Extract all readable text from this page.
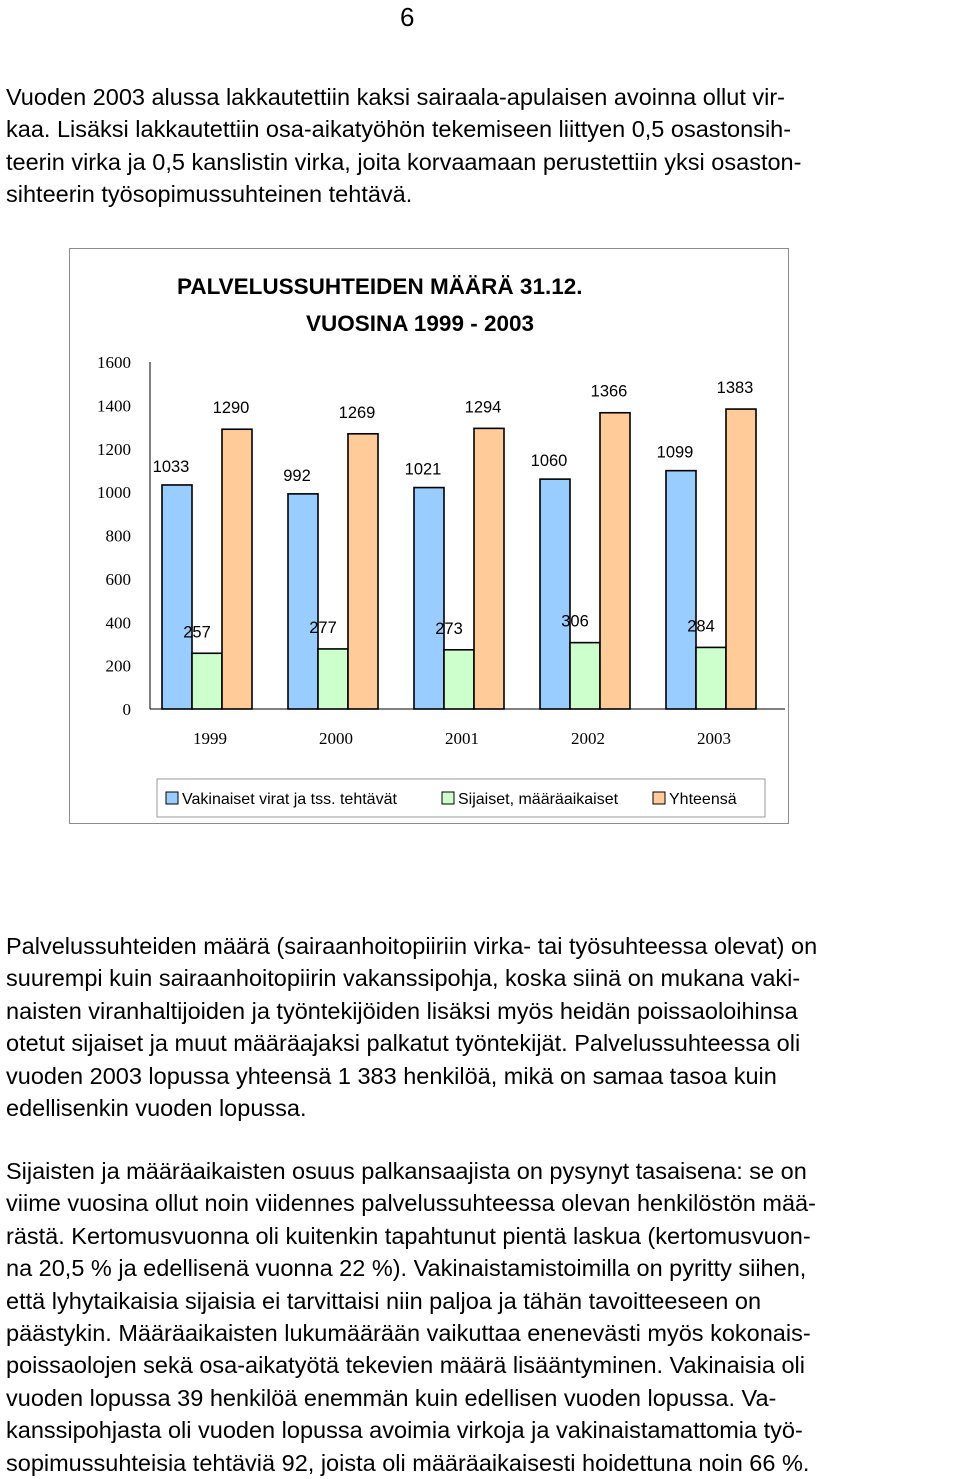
6

Vuoden 2003 alussa lakkautettiin kaksi sairaala-apulaisen avoinna ollut vir-
kaa. Lisäksi lakkautettiin osa-aikatyöhön tekemiseen liittyen 0,5 osastonsih-
teerin virka ja 0,5 kanslistin virka, joita korvaamaan perustettiin yksi osaston-
sihteerin työsopimussuhteinen tehtävä.

PALVELUSSUHTEIDEN MÄÄRÄ 31.12.
VUOSINA 1999 - 2003
0
200
400
600
800
1000
1200
1400
1600
1033
257
1290
992
277
1269
1021
273
1294
1060
306
1366
1099
284
1383
1999	2000	2001	2002	2003
Vakinaiset virat ja tss. tehtävät	Sijaiset, määräaikaiset	Yhteensä

Palvelussuhteiden määrä (sairaanhoitopiiriin virka- tai työsuhteessa olevat) on
suurempi kuin sairaanhoitopiirin vakanssipohja, koska siinä on mukana vaki-
naisten viranhaltijoiden ja työntekijöiden lisäksi myös heidän poissaoloihinsa
otetut sijaiset ja muut määräajaksi palkatut työntekijät. Palvelussuhteessa oli
vuoden 2003 lopussa yhteensä 1 383 henkilöä, mikä on samaa tasoa kuin
edellisenkin vuoden lopussa.

Sijaisten ja määräaikaisten osuus palkansaajista on pysynyt tasaisena: se on
viime vuosina ollut noin viidennes palvelussuhteessa olevan henkilöstön mää-
rästä. Kertomusvuonna oli kuitenkin tapahtunut pientä laskua (kertomusvuon-
na 20,5 % ja edellisenä vuonna 22 %). Vakinaistamistoimilla on pyritty siihen,
että lyhytaikaisia sijaisia ei tarvittaisi niin paljoa ja tähän tavoitteeseen on
päästykin. Määräaikaisten lukumäärään vaikuttaa enenevästi myös kokonais-
poissaolojen sekä osa-aikatyötä tekevien määrä lisääntyminen. Vakinaisia oli
vuoden lopussa 39 henkilöä enemmän kuin edellisen vuoden lopussa. Va-
kanssipohjasta oli vuoden lopussa avoimia virkoja ja vakinaistamattomia työ-
sopimussuhteisia tehtäviä 92, joista oli määräaikaisesti hoidettuna noin 66 %.
